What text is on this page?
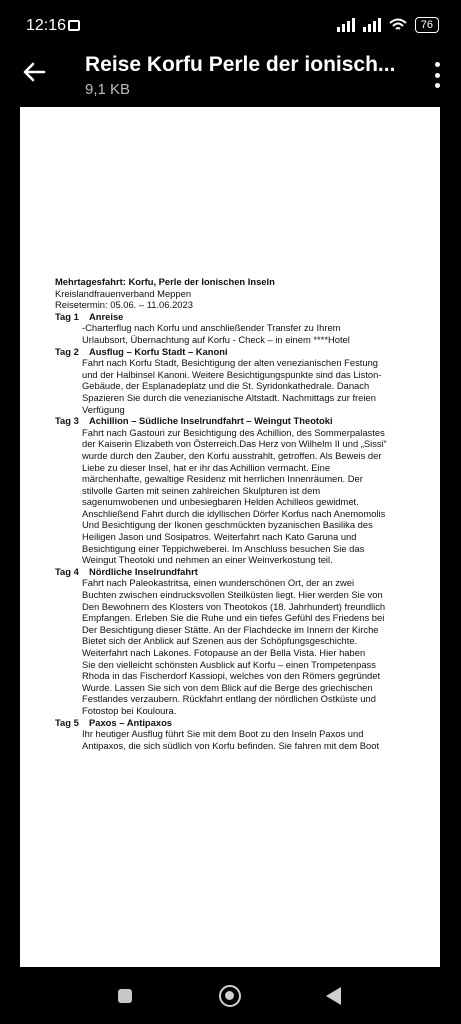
12:16	76
Reise Korfu Perle der ionisch...
9,1 KB
Mehrtagesfahrt: Korfu, Perle der Ionischen Inseln
Kreislandfrauenverband Meppen
Reisetermin: 05.06. – 11.06.2023
Tag 1	Anreise
-Charterflug nach Korfu und anschließender Transfer zu Ihrem
Urlaubsort, Übernachtung auf Korfu - Check – in einem ****Hotel
Tag 2	Ausflug – Korfu Stadt – Kanoni
Fahrt nach Korfu Stadt, Besichtigung der alten venezianischen Festung
und der Halbinsel Kanoni. Weitere Besichtigungspunkte sind das Liston-
Gebäude, der Esplanadeplatz und die St. Syridonkathedrale. Danach
Spazieren Sie durch die venezianische Altstadt. Nachmittags zur freien
Verfügung
Tag 3	Achillion – Südliche Inselrundfahrt – Weingut Theotoki
Fahrt nach Gastouri zur Besichtigung des Achillion, des Sommerpalastes
der Kaiserin Elizabeth von Österreich.Das Herz von Wilhelm II und „Sissi“
wurde durch den Zauber, den Korfu ausstrahlt, getroffen. Als Beweis der
Liebe zu dieser Insel, hat er ihr das Achillion vermacht. Eine
märchenhafte, gewaltige Residenz mit herrlichen Innenräumen. Der
stilvolle Garten mit seinen zahlreichen Skulpturen ist dem
sagenumwobenen und unbesiegbaren Helden Achilleos gewidmet.
Anschließend Fahrt durch die idyllischen Dörfer Korfus nach Anemomolis
Und Besichtigung der Ikonen geschmückten byzanischen Basilika des
Heiligen Jason und Sosipatros. Weiterfahrt nach Kato Garuna und
Besichtigung einer Teppichweberei. Im Anschluss besuchen Sie das
Weingut Theotoki und nehmen an einer Weinverkostung teil.
Tag 4	Nördliche Inselrundfahrt
Fahrt nach Paleokastritsa, einen wunderschönen Ort, der an zwei
Buchten zwischen eindrucksvollen Steilküsten liegt. Hier werden Sie von
Den Bewohnern des Klosters von Theotokos (18. Jahrhundert) freundlich
Empfangen. Erleben Sie die Ruhe und ein tiefes Gefühl des Friedens bei
Der Besichtigung dieser Stätte. An der Flachdecke im Innern der Kirche
Bietet sich der Anblick auf Szenen aus der Schöpfungsgeschichte.
Weiterfahrt nach Lakones. Fotopause an der Bella Vista. Hier haben
Sie den vielleicht schönsten Ausblick auf Korfu – einen Trompetenpass
Rhoda in das Fischerdorf Kassiopi, welches von den Römers gegründet
Wurde. Lassen Sie sich von dem Blick auf die Berge des griechischen
Festlandes verzaubern. Rückfahrt entlang der nördlichen Ostküste und
Fotostop bei Kouloura.
Tag 5	Paxos – Antipaxos
Ihr heutiger Ausflug führt Sie mit dem Boot zu den Inseln Paxos und
Antipaxos, die sich südlich von Korfu befinden. Sie fahren mit dem Boot
